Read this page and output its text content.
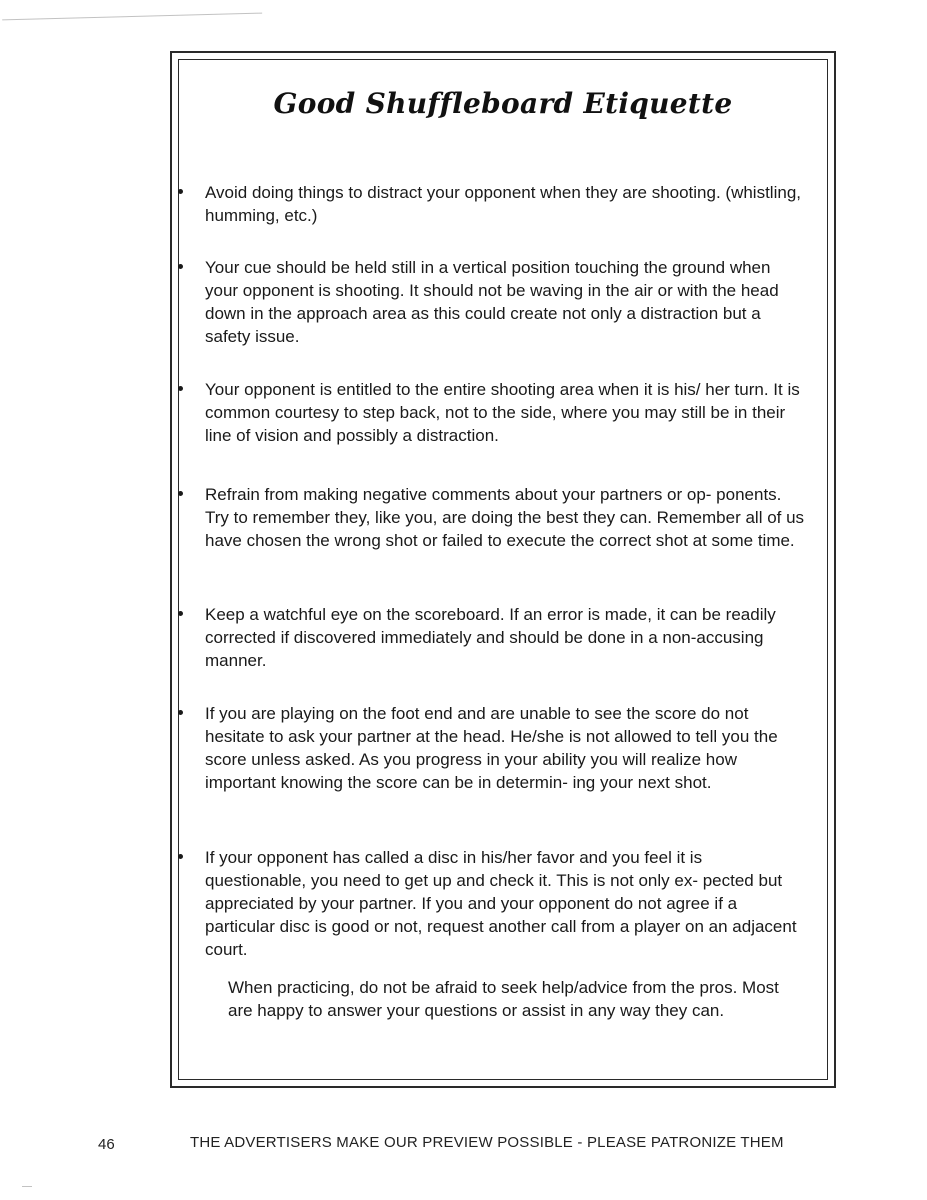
Good Shuffleboard Etiquette
Avoid doing things to distract your opponent when they are shooting. (whistling, humming, etc.)
Your cue should be held still in a vertical position touching the ground when your opponent is shooting. It should not be waving in the air or with the head down in the approach area as this could create not only a distraction but a safety issue.
Your opponent is entitled to the entire shooting area when it is his/ her turn. It is common courtesy to step back, not to the side, where you may still be in their line of vision and possibly a distraction.
Refrain from making negative comments about your partners or op- ponents. Try to remember they, like you, are doing the best they can. Remember all of us have chosen the wrong shot or failed to execute the correct shot at some time.
Keep a watchful eye on the scoreboard. If an error is made, it can be readily corrected if discovered immediately and should be done in a non-accusing manner.
If you are playing on the foot end and are unable to see the score do not hesitate to ask your partner at the head. He/she is not allowed to tell you the score unless asked. As you progress in your ability you will realize how important knowing the score can be in determin- ing your next shot.
If your opponent has called a disc in his/her favor and you feel it is questionable, you need to get up and check it. This is not only ex- pected but appreciated by your partner. If you and your opponent do not agree if a particular disc is good or not, request another call from a player on an adjacent court.

When practicing, do not be afraid to seek help/advice from the pros. Most are happy to answer your questions or assist in any way they can.

46	THE ADVERTISERS MAKE OUR PREVIEW POSSIBLE - PLEASE PATRONIZE THEM
